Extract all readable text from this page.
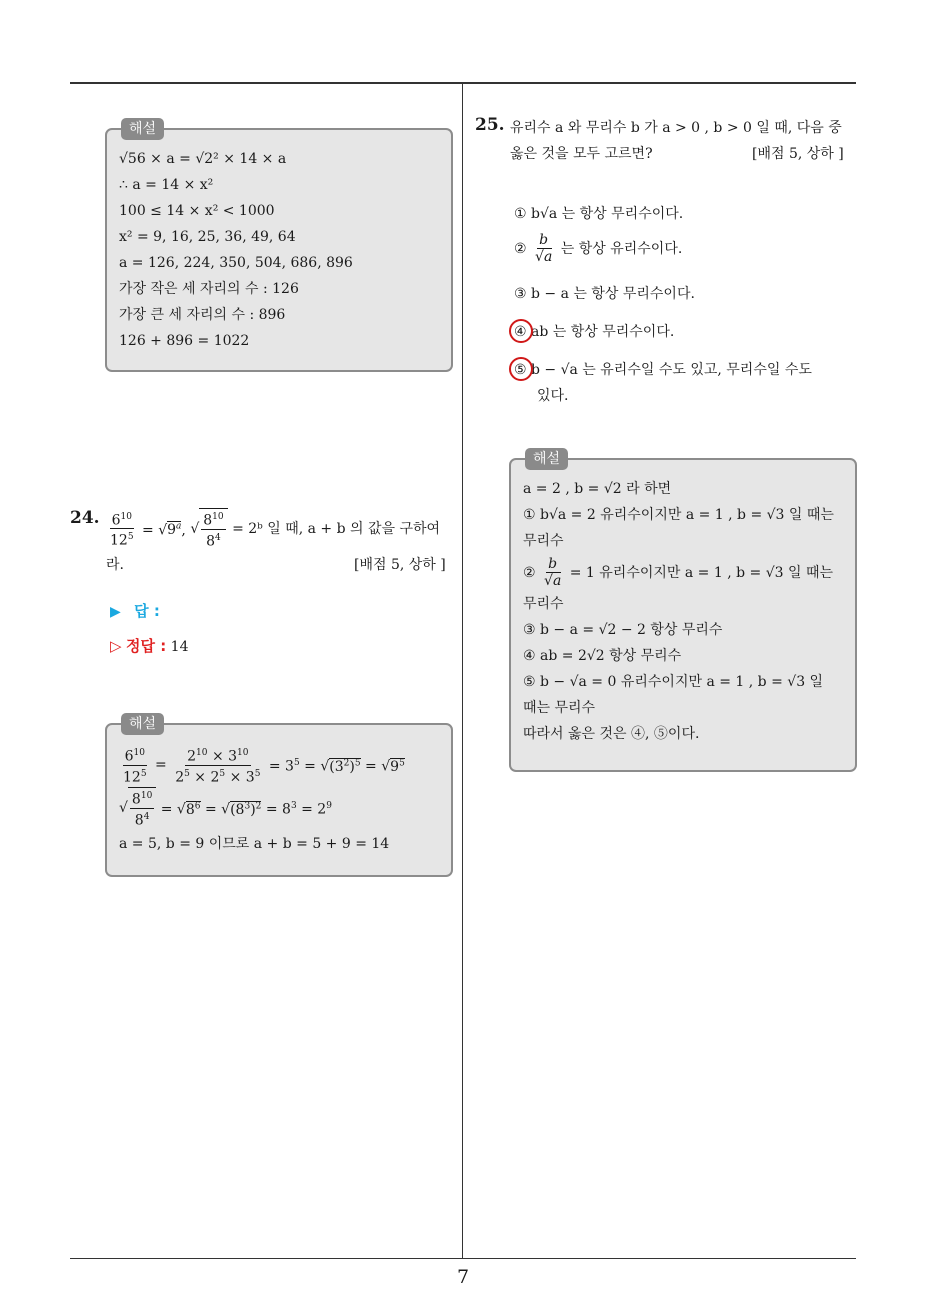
해설
√56 × a = √2² × 14 × a
∴ a = 14 × x²
100 ≤ 14 × x² < 1000
x² = 9, 16, 25, 36, 49, 64
a = 126, 224, 350, 504, 686, 896
가장 작은 세 자리의 수 : 126
가장 큰 세 자리의 수 : 896
126 + 896 = 1022
24. $\frac{6^{10}}{12^5} = √9^a$, √ $\frac{8^{10}}{8^4}$
= 2ᵇ 일 때, a + b 의 값을 구하여
라.	[배점 5, 상하 ]
▶ 답 :
▷ 정답 : 14
해설
$\frac{6^{10}}{12^5} = \frac{2^{10} \times 3^{10}}{2^5 \times 2^5 \times 3^5} = 3^5 = √(3^2)^5 = √9^5$
√ $\frac{8^{10}}{8^4} = √8^6 = √(8^3)^2 = 8^3 = 2^9$
a = 5, b = 9 이므로 a + b = 5 + 9 = 14
25. 유리수 a 와 무리수 b 가 a > 0 , b > 0 일 때, 다음 중
옳은 것을 모두 고르면?	[배점 5, 상하 ]
① b√a 는 항상 무리수이다.
② $\frac{b}{√a}$ 는 항상 유리수이다.
③ b − a 는 항상 무리수이다.
④ ab 는 항상 무리수이다.
⑤ b − √a 는 유리수일 수도 있고, 무리수일 수도
있다.
해설
a = 2 , b = √2 라 하면
① b√a = 2 유리수이지만 a = 1 , b = √3 일 때는
무리수
② $\frac{b}{√a}$
= 1 유리수이지만 a = 1 , b = √3 일 때는
무리수
③ b − a = √2 − 2 항상 무리수
④ ab = 2√2 항상 무리수
⑤ b − √a = 0 유리수이지만 a = 1 , b = √3 일
때는 무리수
따라서 옳은 것은 ④, ⑤이다.
7
